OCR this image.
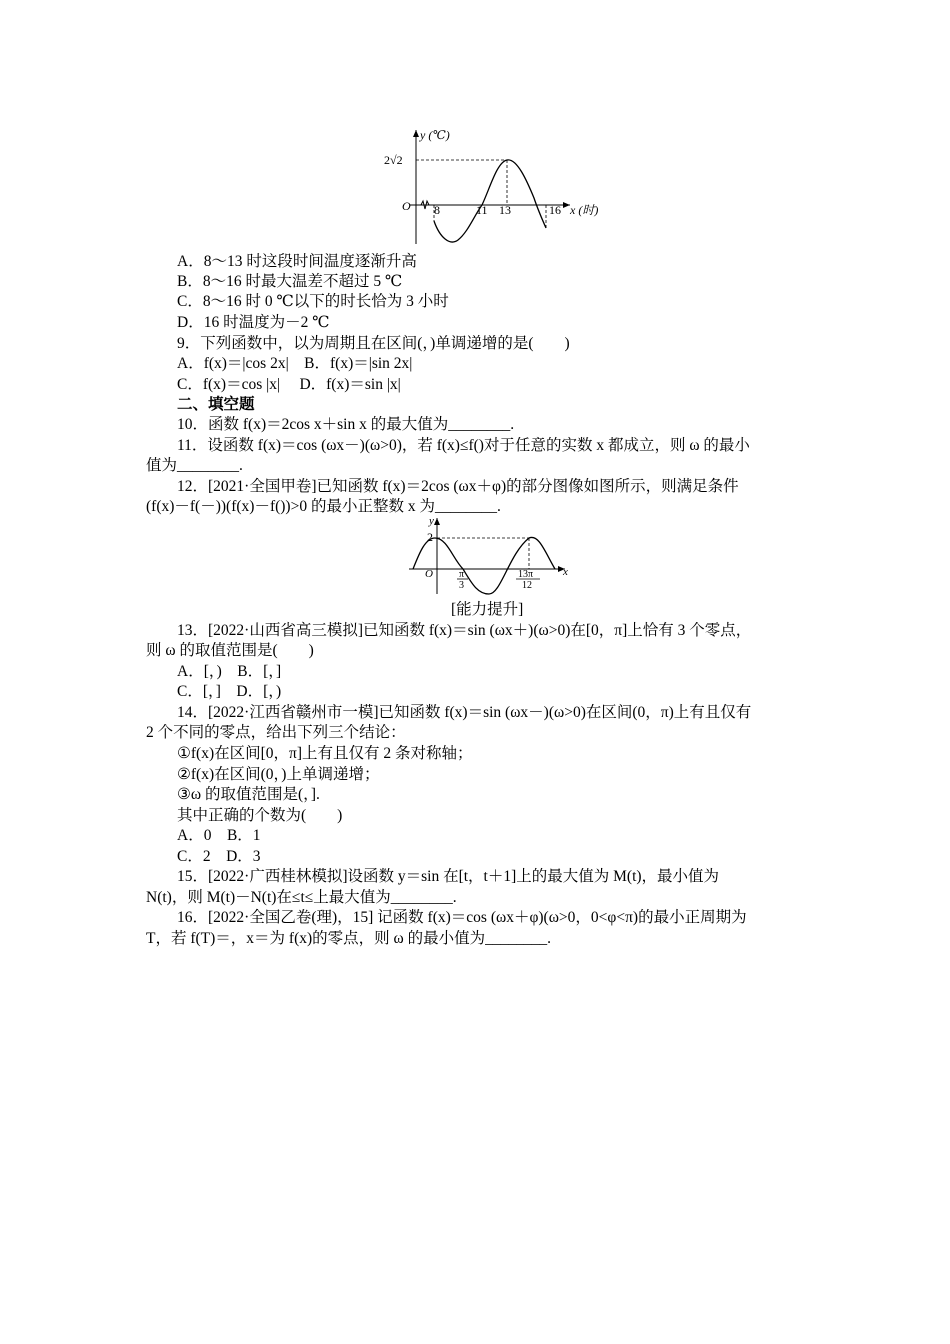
y (℃)
2√2
O 8	11 13	16 x (时)
A．8～13 时这段时间温度逐渐升高
B．8～16 时最大温差不超过 5 ℃
C．8～16 时 0 ℃以下的时长恰为 3 小时
D．16 时温度为－2 ℃
9．下列函数中，以为周期且在区间(，)单调递增的是(　　)
A．f(x)＝|cos 2x|　B．f(x)＝|sin 2x|
C．f(x)＝cos |x|　 D．f(x)＝sin |x|
二、填空题
10．函数 f(x)＝2cos x＋sin x 的最大值为________.
11．设函数 f(x)＝cos (ωx－)(ω>0)，若 f(x)≤f()对于任意的实数 x 都成立，则 ω 的最小
值为________.
12．[2021·全国甲卷]已知函数 f(x)＝2cos (ωx＋φ)的部分图像如图所示，则满足条件
(f(x)－f(－))(f(x)－f())>0 的最小正整数 x 为________.
y
2
O	π
3
13π
12
x
[能力提升]
13．[2022·山西省高三模拟]已知函数 f(x)＝sin (ωx＋)(ω>0)在[0，π]上恰有 3 个零点，
则 ω 的取值范围是(　　)
A．[，)　B．[，]
C．[，]　D．[，)
14．[2022·江西省赣州市一模]已知函数 f(x)＝sin (ωx－)(ω>0)在区间(0，π)上有且仅有
2 个不同的零点，给出下列三个结论：
①f(x)在区间[0，π]上有且仅有 2 条对称轴；
②f(x)在区间(0，)上单调递增；
③ω 的取值范围是(，].
其中正确的个数为(　　)
A．0　B．1
C．2　D．3
15．[2022·广西桂林模拟]设函数 y＝sin 在[t，t＋1]上的最大值为 M(t)，最小值为
N(t)，则 M(t)－N(t)在≤t≤上最大值为________.
16．[2022·全国乙卷(理)，15] 记函数 f(x)＝cos (ωx＋φ)(ω>0，0<φ<π)的最小正周期为
T，若 f(T)＝，x＝为 f(x)的零点，则 ω 的最小值为________.
